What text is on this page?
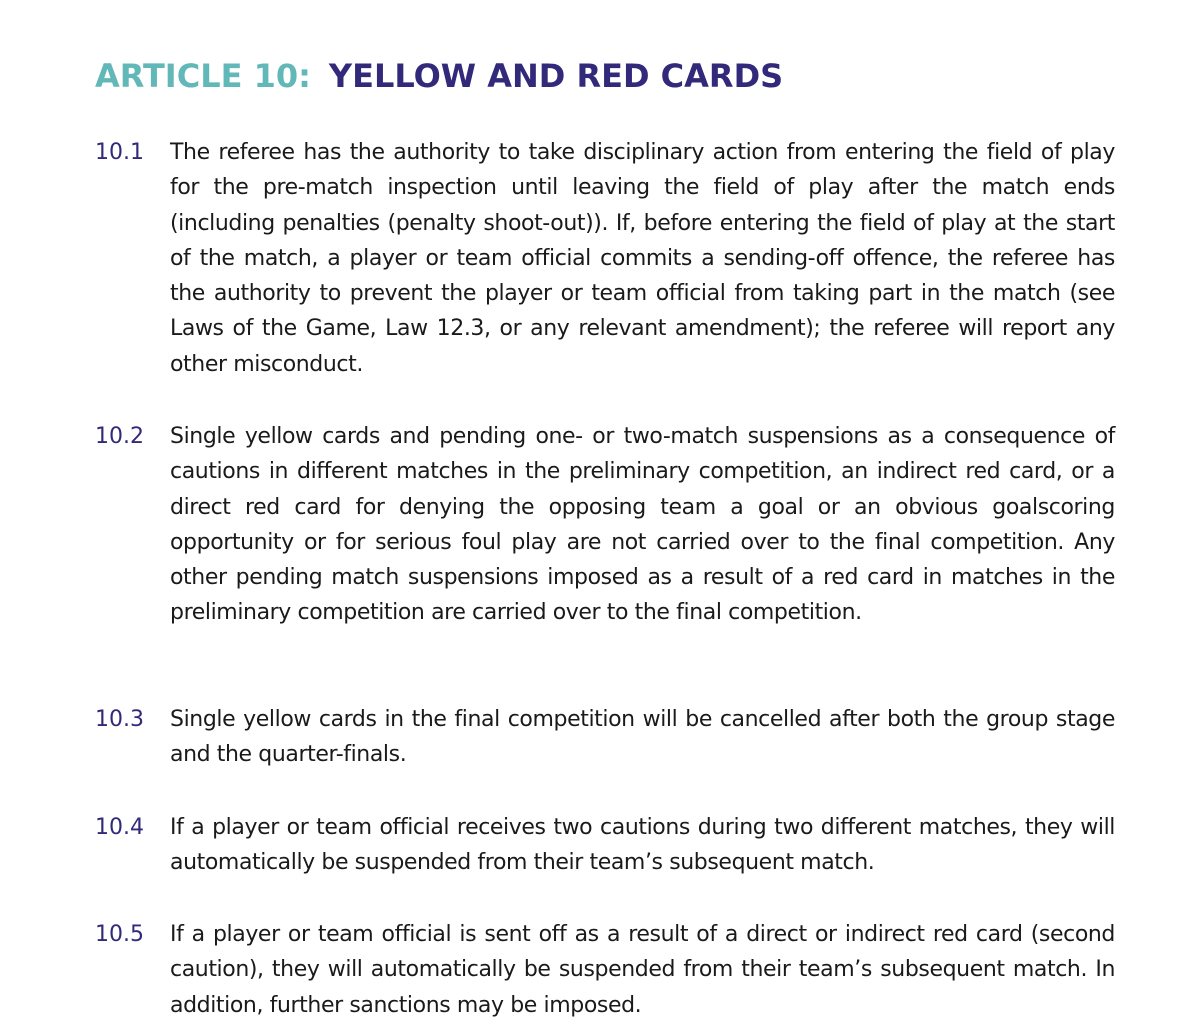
ARTICLE 10: YELLOW AND RED CARDS
10.1 The referee has the authority to take disciplinary action from entering the field of play for the pre-match inspection until leaving the field of play after the match ends (including penalties (penalty shoot-out)). If, before entering the field of play at the start of the match, a player or team official commits a sending-off offence, the referee has the authority to prevent the player or team official from taking part in the match (see Laws of the Game, Law 12.3, or any relevant amendment); the referee will report any other misconduct.

10.2 Single yellow cards and pending one- or two-match suspensions as a consequence of cautions in different matches in the preliminary competition, an indirect red card, or a direct red card for denying the opposing team a goal or an obvious goalscoring opportunity or for serious foul play are not carried over to the final competition. Any other pending match suspensions imposed as a result of a red card in matches in the preliminary competition are carried over to the final competition.

10.3 Single yellow cards in the final competition will be cancelled after both the group stage and the quarter-finals.

10.4 If a player or team official receives two cautions during two different matches, they will automatically be suspended from their team’s subsequent match.

10.5 If a player or team official is sent off as a result of a direct or indirect red card (second caution), they will automatically be suspended from their team’s subsequent match. In addition, further sanctions may be imposed.
